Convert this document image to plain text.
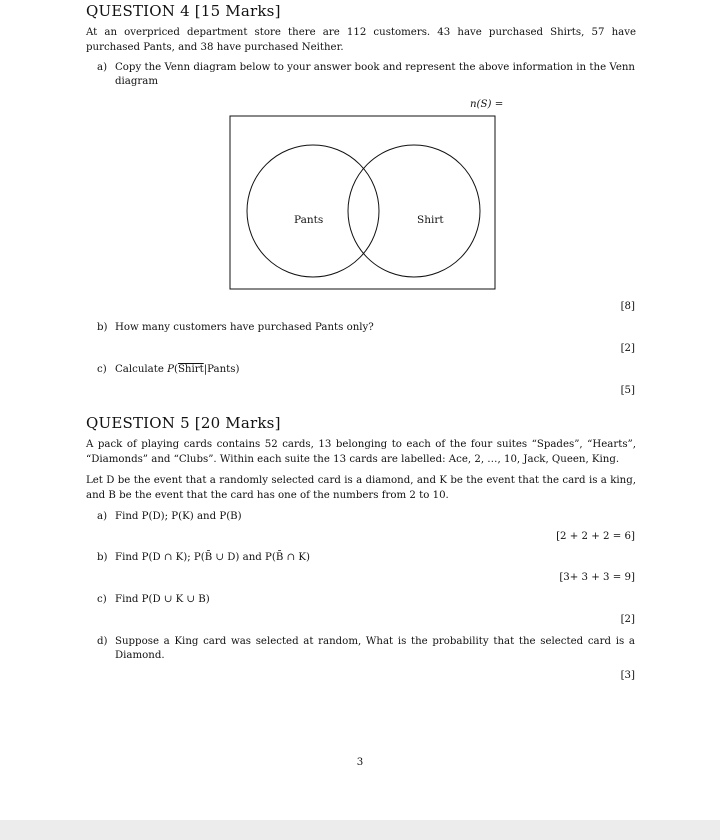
QUESTION 4 [15 Marks]

At an overpriced department store there are 112 customers. 43 have purchased Shirts, 57 have purchased Pants, and 38 have purchased Neither.

a) Copy the Venn diagram below to your answer book and represent the above information in the Venn diagram
n(S) =
Pants	Shirt
[8]
b) How many customers have purchased Pants only?
[2]
c) Calculate P(Shirt|Pants)
[5]
QUESTION 5 [20 Marks]

A pack of playing cards contains 52 cards, 13 belonging to each of the four suites “Spades”, “Hearts”, “Diamonds” and “Clubs”. Within each suite the 13 cards are labelled: Ace, 2, …, 10, Jack, Queen, King.

Let D be the event that a randomly selected card is a diamond, and K be the event that the card is a king, and B be the event that the card has one of the numbers from 2 to 10.

a) Find P(D); P(K) and P(B)
[2 + 2 + 2 = 6]
b) Find P(D ∩ K); P(B̄ ∪ D) and P(B̄ ∩ K)
[3+ 3 + 3 = 9]
c) Find P(D ∪ K ∪ B)
[2]
d) Suppose a King card was selected at random, What is the probability that the selected card is a Diamond.
[3]
3
